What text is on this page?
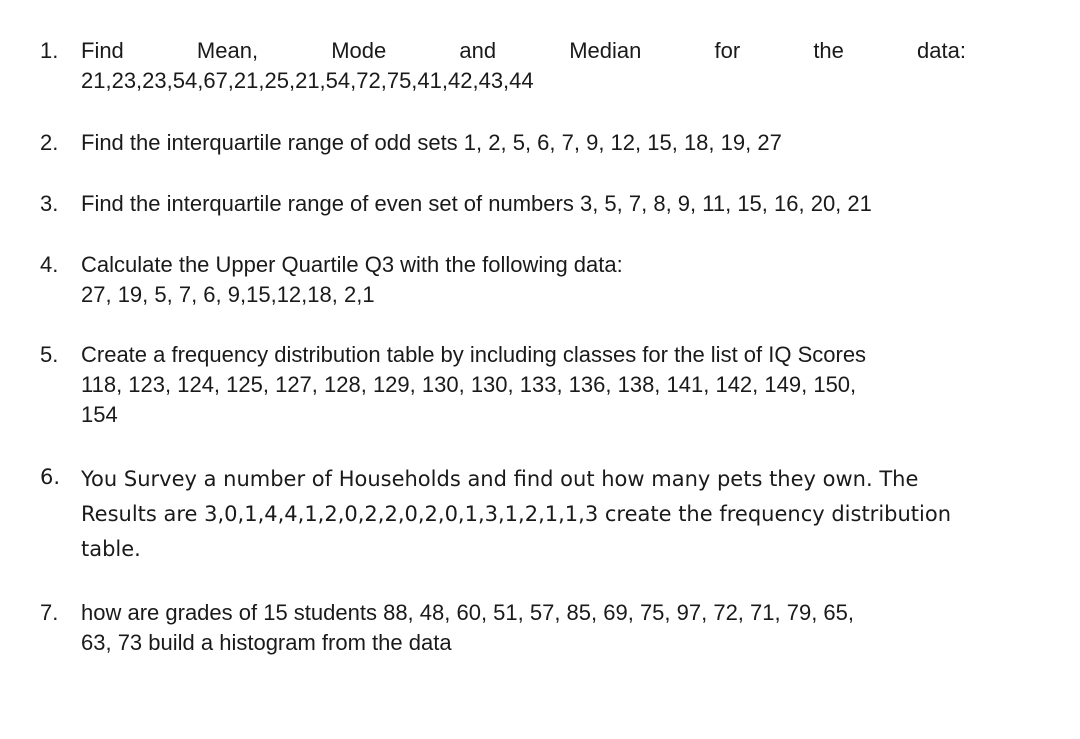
1. Find	Mean,	Mode	and	Median	for	the	data:
21,23,23,54,67,21,25,21,54,72,75,41,42,43,44
2. Find the interquartile range of odd sets 1, 2, 5, 6, 7, 9, 12, 15, 18, 19, 27
3. Find the interquartile range of even set of numbers 3, 5, 7, 8, 9, 11, 15, 16, 20, 21
4. Calculate the Upper Quartile Q3 with the following data:
27, 19, 5, 7, 6, 9,15,12,18, 2,1
5. Create a frequency distribution table by including classes for the list of IQ Scores
118, 123, 124, 125, 127, 128, 129, 130, 130, 133, 136, 138, 141, 142, 149, 150,
154
6. You Survey a number of Households and find out how many pets they own. The
Results are 3,0,1,4,4,1,2,0,2,2,0,2,0,1,3,1,2,1,1,3 create the frequency distribution
table.
7. how are grades of 15 students 88, 48, 60, 51, 57, 85, 69, 75, 97, 72, 71, 79, 65,
63, 73 build a histogram from the data
